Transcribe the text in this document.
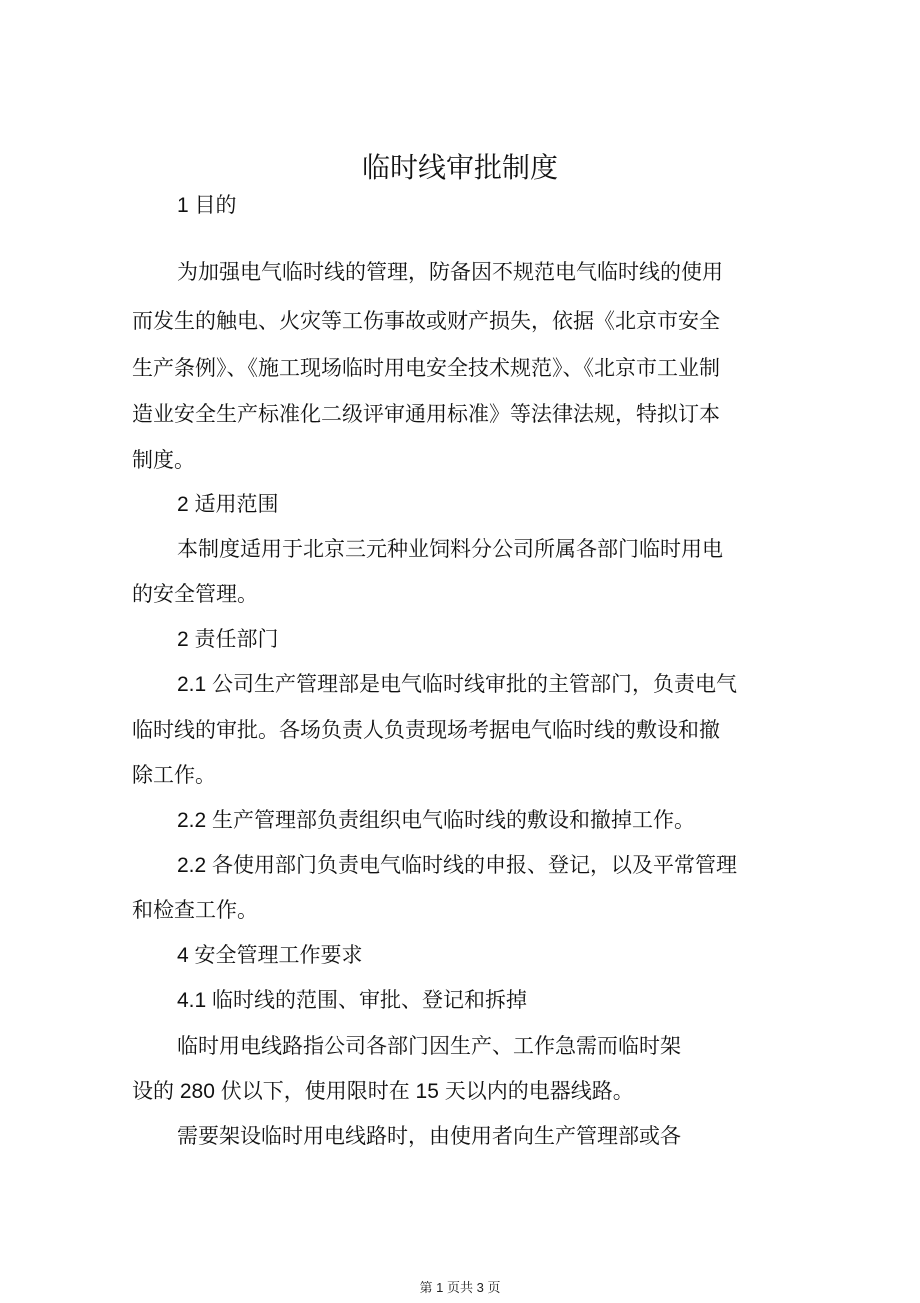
临时线审批制度
1 目的
为加强电气临时线的管理，防备因不规范电气临时线的使用
而发生的触电、火灾等工伤事故或财产损失，依据《北京市安全
生产条例》、《施工现场临时用电安全技术规范》、《北京市工业制
造业安全生产标准化二级评审通用标准》等法律法规，特拟订本
制度。
2 适用范围
本制度适用于北京三元种业饲料分公司所属各部门临时用电
的安全管理。
2 责任部门
2.1 公司生产管理部是电气临时线审批的主管部门，负责电气
临时线的审批。各场负责人负责现场考据电气临时线的敷设和撤
除工作。
2.2 生产管理部负责组织电气临时线的敷设和撤掉工作。
2.2 各使用部门负责电气临时线的申报、登记，以及平常管理
和检查工作。
4 安全管理工作要求
4.1 临时线的范围、审批、登记和拆掉
临时用电线路指公司各部门因生产、工作急需而临时架
设的 280 伏以下，使用限时在 15 天以内的电器线路。
需要架设临时用电线路时，由使用者向生产管理部或各
第 1 页共 3 页
